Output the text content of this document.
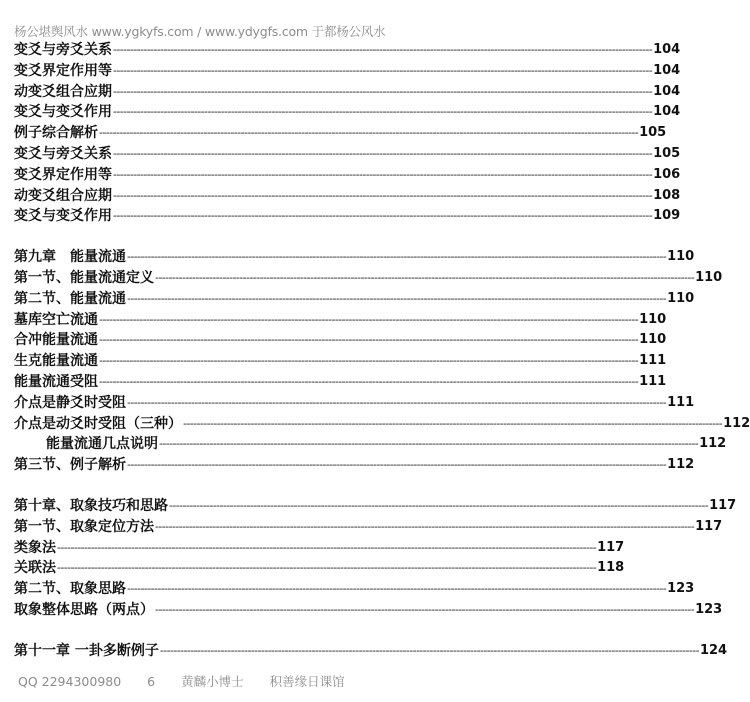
杨公堪舆风水 www.ygkyfs.com / www.ydygfs.com 于都杨公风水
变爻与旁爻关系 ---------------------------------------------------------------------------------------------------------------------------------------------------------------- 104
变爻界定作用等 ---------------------------------------------------------------------------------------------------------------------------------------------------------------- 104
动变爻组合应期 ---------------------------------------------------------------------------------------------------------------------------------------------------------------- 104
变爻与变爻作用 ---------------------------------------------------------------------------------------------------------------------------------------------------------------- 104
例子综合解析 ---------------------------------------------------------------------------------------------------------------------------------------------------------------- 105
变爻与旁爻关系 ---------------------------------------------------------------------------------------------------------------------------------------------------------------- 105
变爻界定作用等 ---------------------------------------------------------------------------------------------------------------------------------------------------------------- 106
动变爻组合应期 ---------------------------------------------------------------------------------------------------------------------------------------------------------------- 108
变爻与变爻作用 ---------------------------------------------------------------------------------------------------------------------------------------------------------------- 109
第九章　能量流通 ---------------------------------------------------------------------------------------------------------------------------------------------------------------- 110
第一节、能量流通定义 ---------------------------------------------------------------------------------------------------------------------------------------------------------------- 110
第二节、能量流通 ---------------------------------------------------------------------------------------------------------------------------------------------------------------- 110
墓库空亡流通 ---------------------------------------------------------------------------------------------------------------------------------------------------------------- 110
合冲能量流通 ---------------------------------------------------------------------------------------------------------------------------------------------------------------- 110
生克能量流通 ---------------------------------------------------------------------------------------------------------------------------------------------------------------- 111
能量流通受阻 ---------------------------------------------------------------------------------------------------------------------------------------------------------------- 111
介点是静爻时受阻 ---------------------------------------------------------------------------------------------------------------------------------------------------------------- 111
介点是动爻时受阻（三种） ---------------------------------------------------------------------------------------------------------------------------------------------------------------- 112
能量流通几点说明 ---------------------------------------------------------------------------------------------------------------------------------------------------------------- 112
第三节、例子解析 ---------------------------------------------------------------------------------------------------------------------------------------------------------------- 112
第十章、取象技巧和思路 ---------------------------------------------------------------------------------------------------------------------------------------------------------------- 117
第一节、取象定位方法 ---------------------------------------------------------------------------------------------------------------------------------------------------------------- 117
类象法 ---------------------------------------------------------------------------------------------------------------------------------------------------------------- 117
关联法 ---------------------------------------------------------------------------------------------------------------------------------------------------------------- 118
第二节、取象思路 ---------------------------------------------------------------------------------------------------------------------------------------------------------------- 123
取象整体思路（两点） ---------------------------------------------------------------------------------------------------------------------------------------------------------------- 123
第十一章 一卦多断例子 ---------------------------------------------------------------------------------------------------------------------------------------------------------------- 124
QQ 2294300980 6 黄麟小博士 积善缘日课馆
